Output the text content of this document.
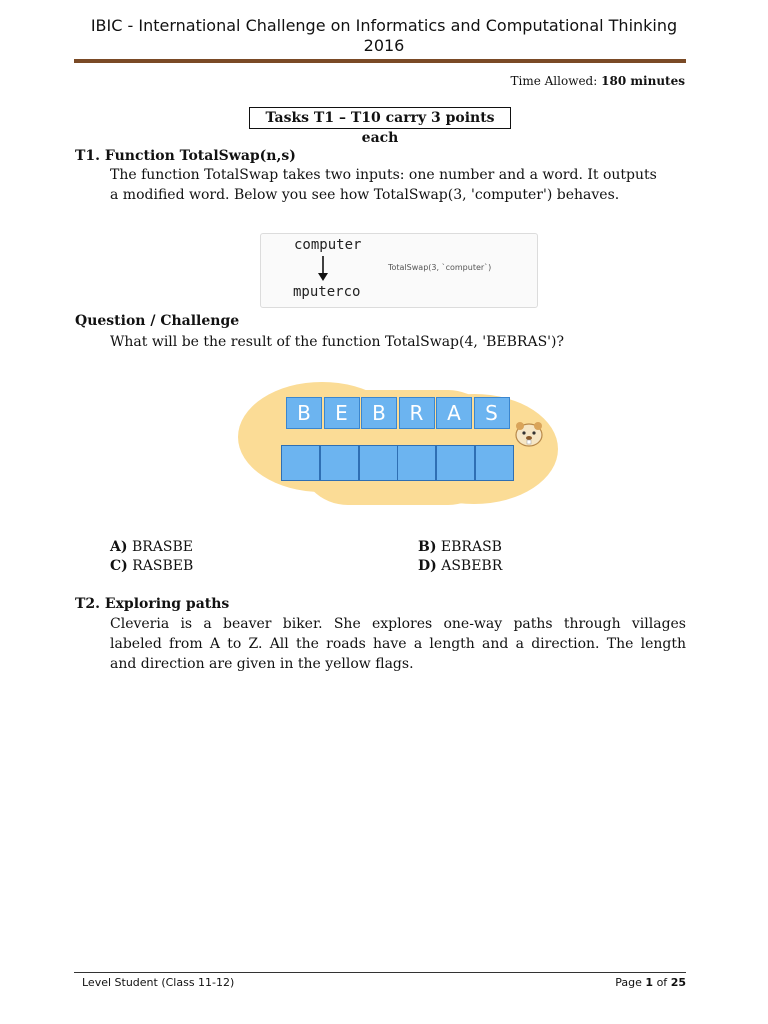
IBIC - International Challenge on Informatics and Computational Thinking
2016
Time Allowed: 180 minutes
Tasks T1 – T10 carry 3 points each
T1. Function TotalSwap(n,s)
The function TotalSwap takes two inputs: one number and a word. It outputs
a modified word. Below you see how TotalSwap(3, 'computer') behaves.
computer
TotalSwap(3, `computer`)
mputerco
Question / Challenge
What will be the result of the function TotalSwap(4, 'BEBRAS')?
B	E	B	R	A	S
A) BRASBE	B) EBRASB
C) RASBEB	D) ASBEBR
T2. Exploring paths
Cleveria is a beaver biker. She explores one-way paths through villages
labeled from A to Z. All the roads have a length and a direction. The length
and direction are given in the yellow flags.
Level Student (Class 11-12)	Page 1 of 25
